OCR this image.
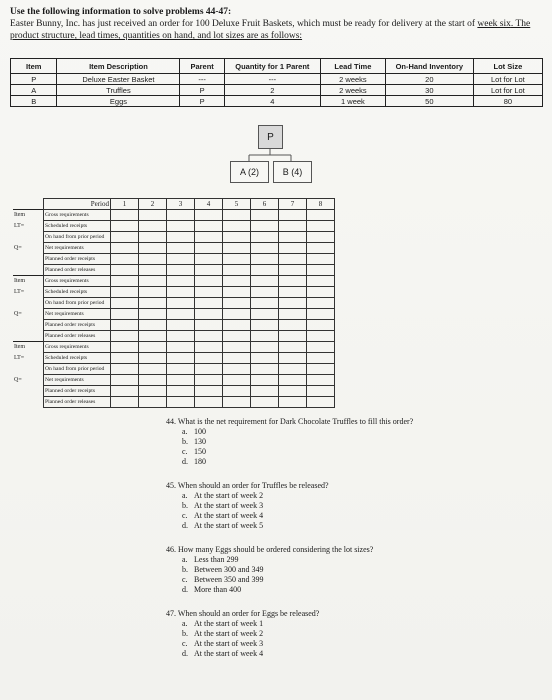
Use the following information to solve problems 44-47:
Easter Bunny, Inc. has just received an order for 100 Deluxe Fruit Baskets, which must be ready for delivery at the start of week six. The product structure, lead times, quantities on hand, and lot sizes are as follows:
Item	Item Description	Parent	Quantity for 1 Parent	Lead Time	On-Hand Inventory	Lot Size
P	Deluxe Easter Basket	---	---	2 weeks	20	Lot for Lot
A	Truffles	P	2	2 weeks	30	Lot for Lot
B	Eggs	P	4	1 week	50	80
P
A (2)	B (4)
	Period	1	2	3	4	5	6	7	8
Item	Gross requirements								
LT=	Scheduled receipts								
	On hand from prior period								
Q=	Net requirements								
	Planned order receipts								
	Planned order releases								
Item	Gross requirements								
LT=	Scheduled receipts								
	On hand from prior period								
Q=	Net requirements								
	Planned order receipts								
	Planned order releases								
Item	Gross requirements								
LT=	Scheduled receipts								
	On hand from prior period								
Q=	Net requirements								
	Planned order receipts								
	Planned order releases								
44. What is the net requirement for Dark Chocolate Truffles to fill this order?
a. 100
b. 130
c. 150
d. 180
45. When should an order for Truffles be released?
a. At the start of week 2
b. At the start of week 3
c. At the start of week 4
d. At the start of week 5
46. How many Eggs should be ordered considering the lot sizes?
a. Less than 299
b. Between 300 and 349
c. Between 350 and 399
d. More than 400
47. When should an order for Eggs be released?
a. At the start of week 1
b. At the start of week 2
c. At the start of week 3
d. At the start of week 4
